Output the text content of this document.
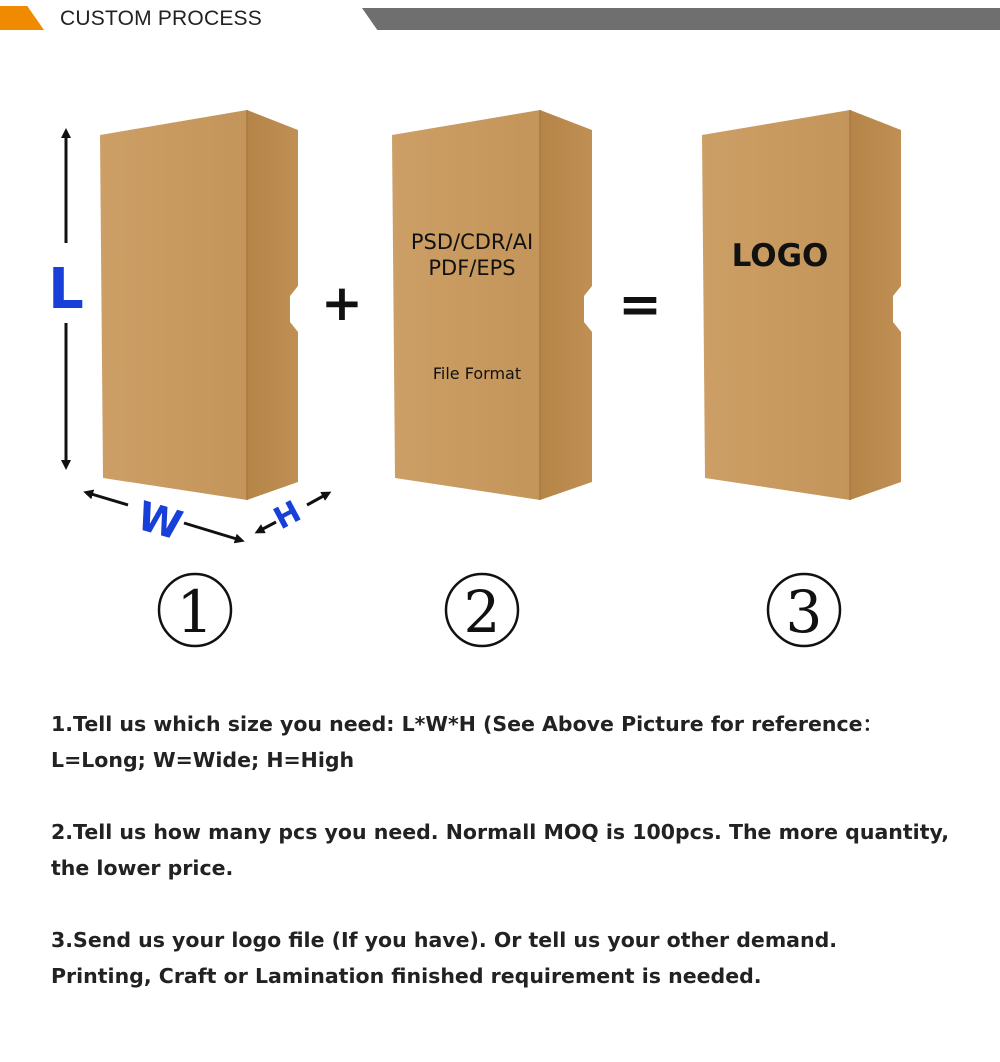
CUSTOM PROCESS
L
W	H
+	=
PSD/CDR/AI
PDF/EPS
File Format
LOGO
1	2	3
1.Tell us which size you need: L*W*H (See Above Picture for reference：
L=Long; W=Wide; H=High
2.Tell us how many pcs you need. Normall MOQ is 100pcs. The more quantity,
the lower price.
3.Send us your logo file (If you have). Or tell us your other demand.
Printing, Craft or Lamination finished requirement is needed.
